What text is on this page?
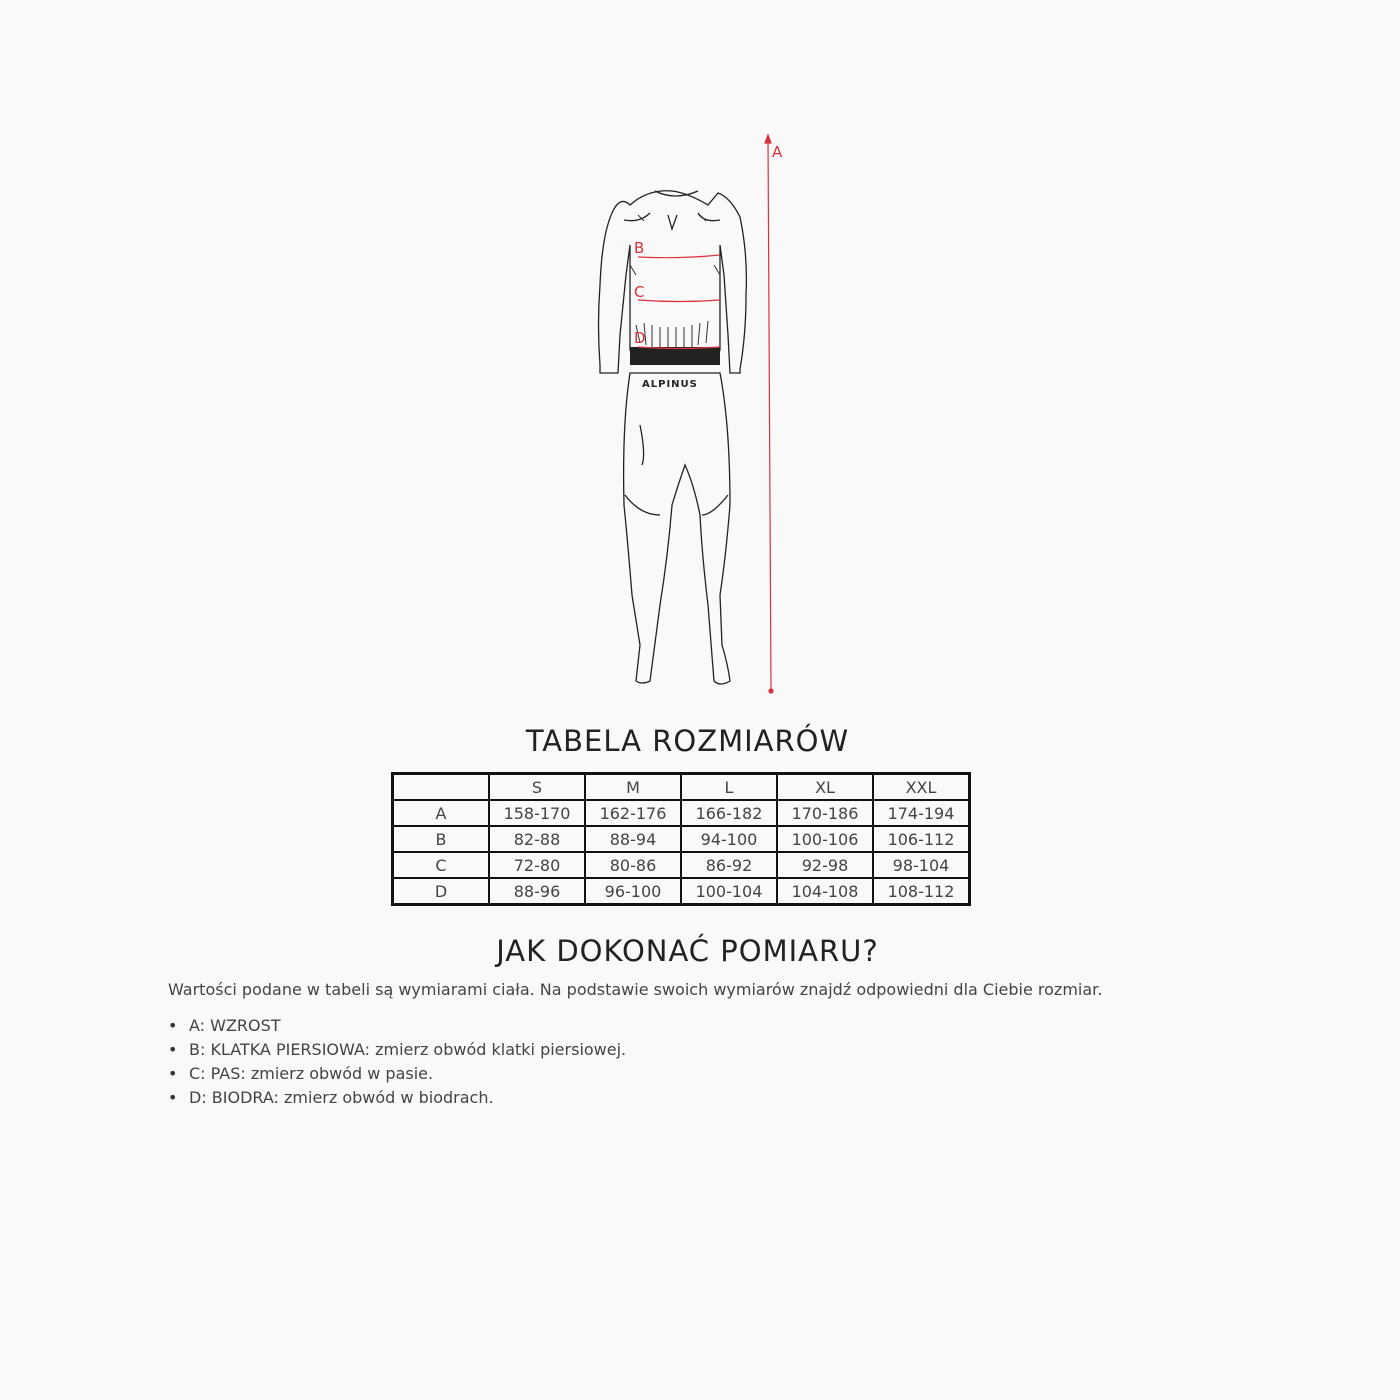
ALPINUS
A
B
C
D
TABELA ROZMIARÓW
	S	M	L	XL	XXL
A	158-170	162-176	166-182	170-186	174-194
B	82-88	88-94	94-100	100-106	106-112
C	72-80	80-86	86-92	92-98	98-104
D	88-96	96-100	100-104	104-108	108-112
JAK DOKONAĆ POMIARU?

Wartości podane w tabeli są wymiarami ciała. Na podstawie swoich wymiarów znajdź odpowiedni dla Ciebie rozmiar.

• A: WZROST
• B: KLATKA PIERSIOWA: zmierz obwód klatki piersiowej.
• C: PAS: zmierz obwód w pasie.
• D: BIODRA: zmierz obwód w biodrach.
